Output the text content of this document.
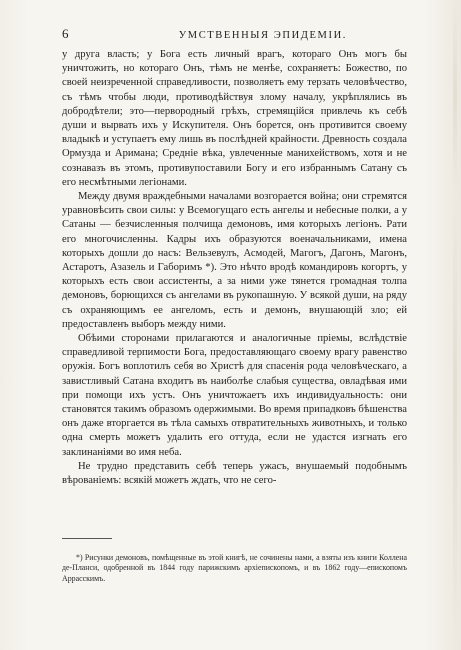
6	УМСТВЕННЫЯ ЭПИДЕМІИ.

у друга власть; у Бога есть личный врагъ, котораго Онъ могъ бы уничтожить, но котораго Онъ, тѣмъ не менѣе, сохраняетъ: Божество, по своей неизреченной справедливости, позволяетъ ему терзать человѣчество, съ тѣмъ чтобы люди, противодѣйствуя злому началу, укрѣплялись въ добродѣтели; это—первородный грѣхъ, стремящійся привлечь къ себѣ души и вырвать ихъ у Искупителя. Онъ борется, онъ противится своему владыкѣ и уступаетъ ему лишь въ послѣдней крайности. Древность создала Ормузда и Аримана; Средніе вѣка, увлеченные манихействомъ, хотя и не сознавазъ въ этомъ, противупоставили Богу и его избраннымъ Сатану съ его несмѣтными легіонами.

Между двумя враждебными началами возгорается война; они стремятся уравновѣсить свои силы: у Всемогущаго есть ангелы и небесные полки, а у Сатаны — безчисленныя полчища демоновъ, имя которыхъ легіонъ. Рати его многочисленны. Кадры ихъ образуются военачальниками, имена которыхъ дошли до насъ: Вельзевулъ, Асмодей, Магогъ, Дагонъ, Магонъ, Астаротъ, Азазель и Габоримъ *). Это нѣчто вродѣ командировъ когортъ, у которыхъ есть свои ассистенты, а за ними уже тянется громадная толпа демоновъ, борющихся съ ангелами въ рукопашную. У всякой души, на ряду съ охраняющимъ ее ангеломъ, есть и демонъ, внушающій зло; ей предоставленъ выборъ между ними.

Обѣими сторонами прилагаются и аналогичные пріемы, вслѣдствіе справедливой терпимости Бога, предоставляющаго своему врагу равенство оружія. Богъ воплотилъ себя во Христѣ для спасенія рода человѣческаго, а завистливый Сатана входитъ въ наиболѣе слабыя существа, овладѣвая ими при помощи ихъ устъ. Онъ уничтожаетъ ихъ индивидуальность: они становятся такимъ образомъ одержимыми. Во время припадковъ бѣшенства онъ даже вторгается въ тѣла самыхъ отвратительныхъ животныхъ, и только одна смерть можетъ удалить его оттуда, если не удастся изгнать его заклинаніями во имя неба.

Не трудно представить себѣ теперь ужасъ, внушаемый подобнымъ вѣрованіемъ: всякій можетъ ждать, что не сего-

*) Рисунки демоновъ, помѣщенные въ этой книгѣ, не сочинены нами, а взяты изъ книги Коллена де-Планси, одобренной въ 1844 году парижскимъ архіепископомъ, и въ 1862 году—епископомъ Аррасскимъ.
